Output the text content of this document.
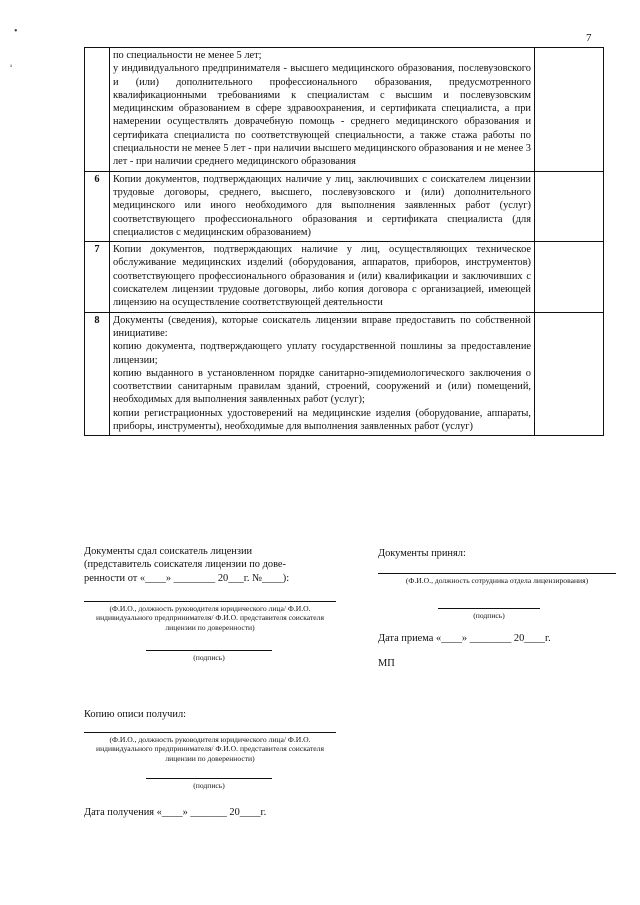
7
•
ᵃ

	по специальности не менее 5 лет;

у индивидуального предпринимателя - высшего медицинского образования, послевузовского и (или) дополнительного профессионального образования, предусмотренного квалификационными требованиями к специалистам с высшим и послевузовским медицинским образованием в сфере здравоохранения, и сертификата специалиста, а при намерении осуществлять доврачебную помощь - среднего медицинского образования и сертификата специалиста по соответствующей специальности, а также стажа работы по специальности не менее 5 лет - при наличии высшего медицинского образования и не менее 3 лет - при наличии среднего медицинского образования	

6	Копии документов, подтверждающих наличие у лиц, заключивших с соискателем лицензии трудовые договоры, среднего, высшего, послевузовского и (или) дополнительного медицинского или иного необходимого для выполнения заявленных работ (услуг) соответствующего профессионального образования и сертификата специалиста (для специалистов с медицинским образованием)	

7	Копии документов, подтверждающих наличие у лиц, осуществляющих техническое обслуживание медицинских изделий (оборудования, аппаратов, приборов, инструментов) соответствующего профессионального образования и (или) квалификации и заключивших с соискателем лицензии трудовые договоры, либо копия договора с организацией, имеющей лицензию на осуществление соответствующей деятельности	

8	Документы (сведения), которые соискатель лицензии вправе предоставить по собственной инициативе:

копию документа, подтверждающего уплату государственной пошлины за предоставление лицензии;

копию выданного в установленном порядке санитарно-эпидемиологического заключения о соответствии санитарным правилам зданий, строений, сооружений и (или) помещений, необходимых для выполнения заявленных работ (услуг);

копии регистрационных удостоверений на медицинские изделия (оборудование, аппараты, приборы, инструменты), необходимые для выполнения заявленных работ (услуг)	

Документы сдал соискатель лицензии
(представитель соискателя лицензии по дове-
ренности от «____» ________ 20___г. №____):
(Ф.И.О., должность руководителя юридического лица/ Ф.И.О. индивидуального предпринимателя/ Ф.И.О. представителя соискателя лицензии по доверенности)
(подпись)
Документы принял:
(Ф.И.О., должность сотрудника отдела лицензирования)
(подпись)
Дата приема «____» ________ 20____г.
МП
Копию описи получил:
(Ф.И.О., должность руководителя юридического лица/ Ф.И.О. индивидуального предпринимателя/ Ф.И.О. представителя соискателя лицензии по доверенности)
(подпись)
Дата получения «____» _______ 20____г.
